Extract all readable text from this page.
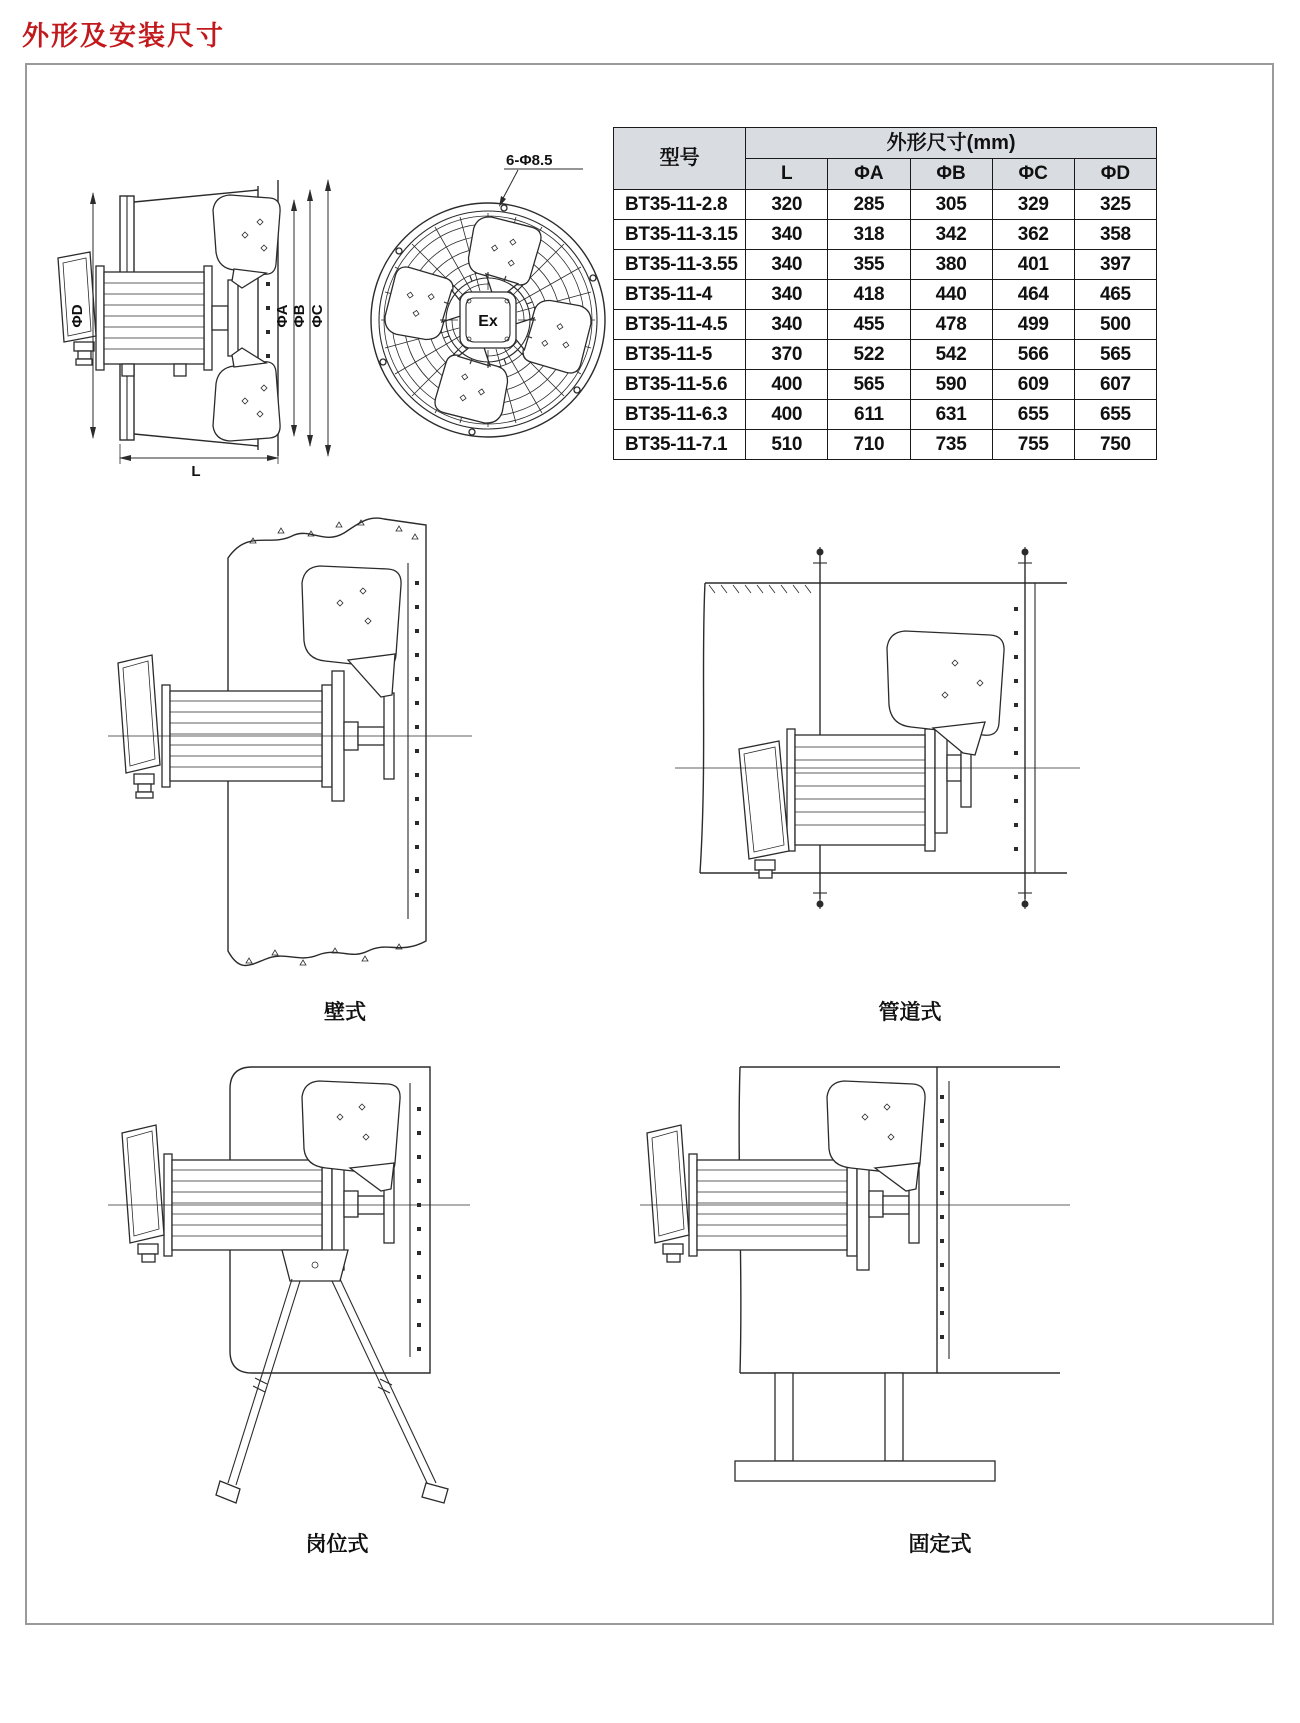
外形及安装尺寸
型号	外形尺寸(mm)				
	L	ΦA	ΦB	ΦC	ΦD
BT35-11-2.8	320	285	305	329	325
BT35-11-3.15	340	318	342	362	358
BT35-11-3.55	340	355	380	401	397
BT35-11-4	340	418	440	464	465
BT35-11-4.5	340	455	478	499	500
BT35-11-5	370	522	542	566	565
BT35-11-5.6	400	565	590	609	607
BT35-11-6.3	400	611	631	655	655
BT35-11-7.1	510	710	735	755	750
ΦD	ΦA ΦB ΦC
L
Ex
6-Φ8.5
壁式	管道式
岗位式	固定式
